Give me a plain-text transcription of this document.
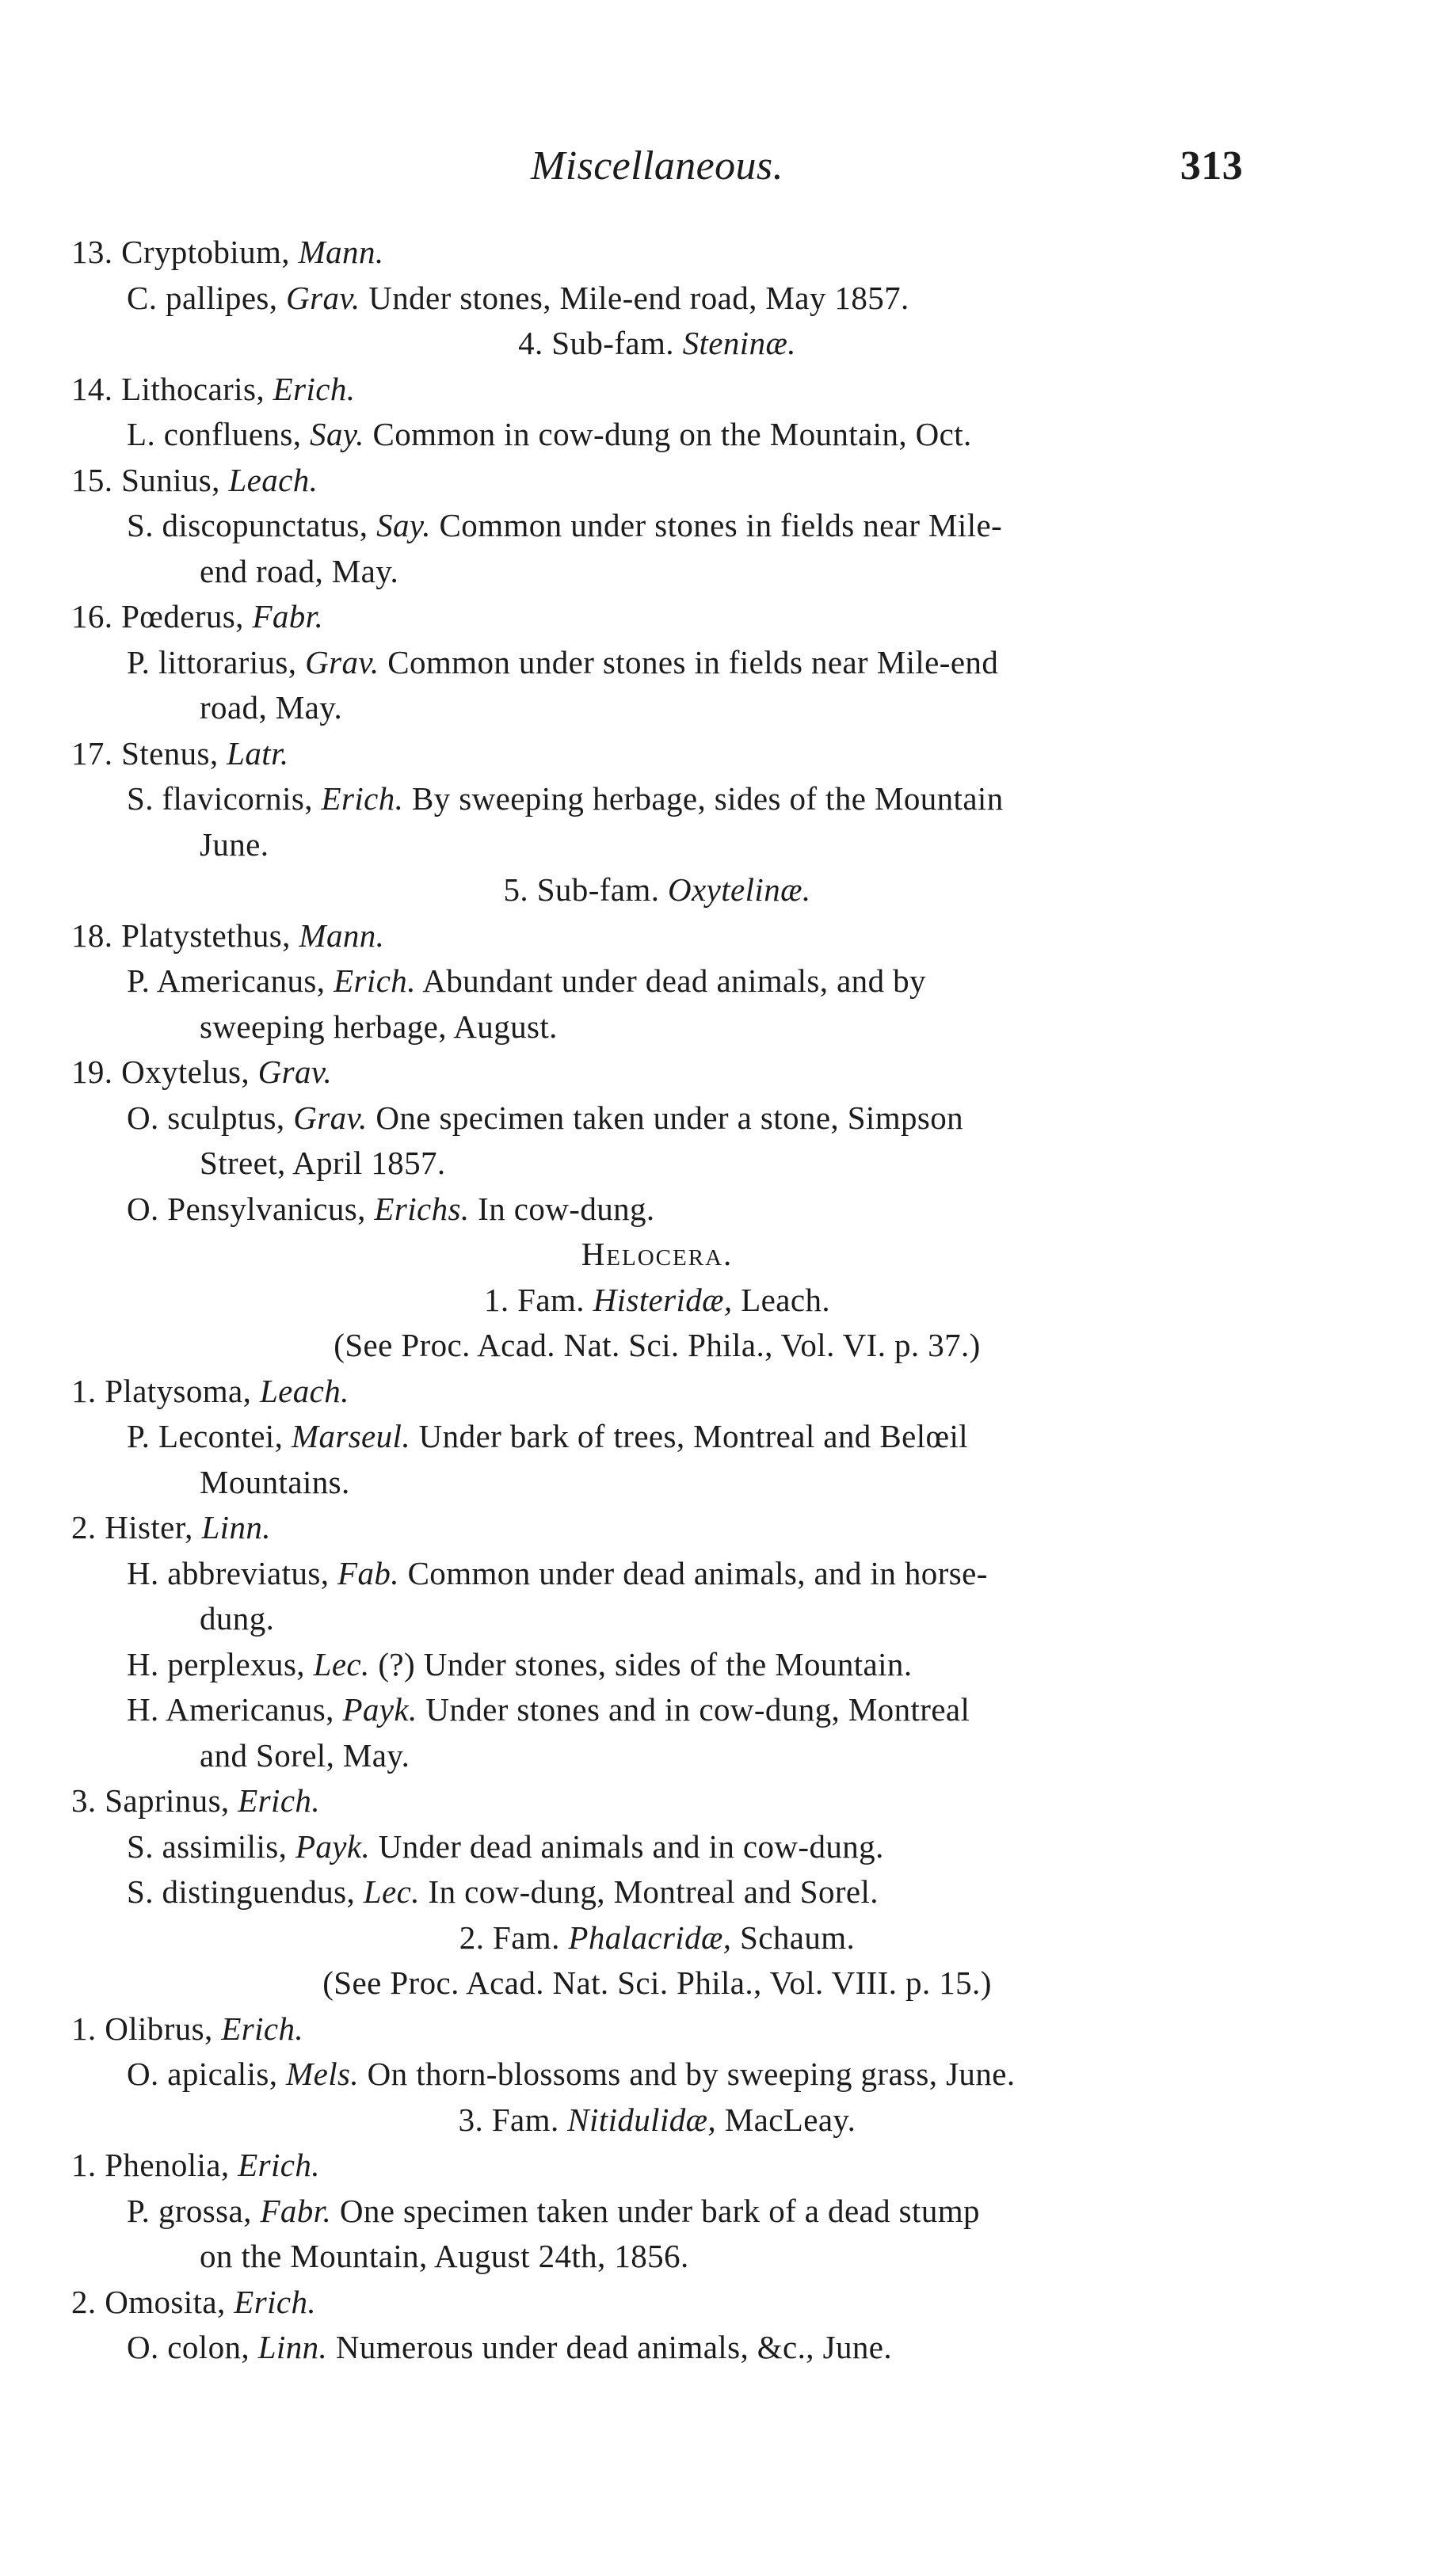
Miscellaneous.	313
13. Cryptobium, Mann.
C. pallipes, Grav. Under stones, Mile-end road, May 1857.
4. Sub-fam. Steninæ.
14. Lithocaris, Erich.
L. confluens, Say. Common in cow-dung on the Mountain, Oct.
15. Sunius, Leach.
S. discopunctatus, Say. Common under stones in fields near Mile-
end road, May.
16. Pœderus, Fabr.
P. littorarius, Grav. Common under stones in fields near Mile-end
road, May.
17. Stenus, Latr.
S. flavicornis, Erich. By sweeping herbage, sides of the Mountain
June.
5. Sub-fam. Oxytelinæ.
18. Platystethus, Mann.
P. Americanus, Erich. Abundant under dead animals, and by
sweeping herbage, August.
19. Oxytelus, Grav.
O. sculptus, Grav. One specimen taken under a stone, Simpson
Street, April 1857.
O. Pensylvanicus, Erichs. In cow-dung.
Helocera.
1. Fam. Histeridæ, Leach.
(See Proc. Acad. Nat. Sci. Phila., Vol. VI. p. 37.)
1. Platysoma, Leach.
P. Lecontei, Marseul. Under bark of trees, Montreal and Belœil
Mountains.
2. Hister, Linn.
H. abbreviatus, Fab. Common under dead animals, and in horse-
dung.
H. perplexus, Lec. (?) Under stones, sides of the Mountain.
H. Americanus, Payk. Under stones and in cow-dung, Montreal
and Sorel, May.
3. Saprinus, Erich.
S. assimilis, Payk. Under dead animals and in cow-dung.
S. distinguendus, Lec. In cow-dung, Montreal and Sorel.
2. Fam. Phalacridæ, Schaum.
(See Proc. Acad. Nat. Sci. Phila., Vol. VIII. p. 15.)
1. Olibrus, Erich.
O. apicalis, Mels. On thorn-blossoms and by sweeping grass, June.
3. Fam. Nitidulidæ, MacLeay.
1. Phenolia, Erich.
P. grossa, Fabr. One specimen taken under bark of a dead stump
on the Mountain, August 24th, 1856.
2. Omosita, Erich.
O. colon, Linn. Numerous under dead animals, &c., June.
